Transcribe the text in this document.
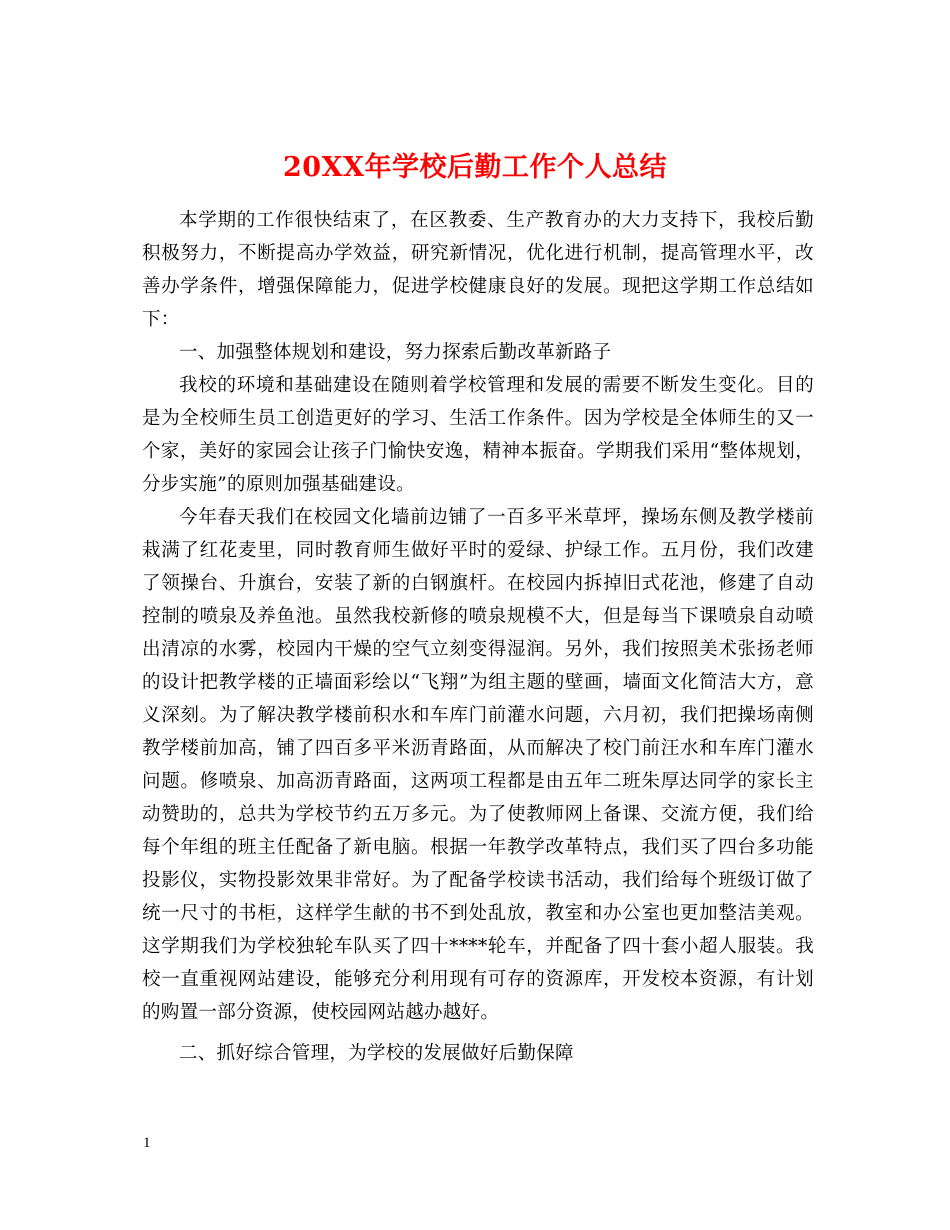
20XX年学校后勤工作个人总结

本学期的工作很快结束了，在区教委、生产教育办的大力支持下，我校后勤积极努力，不断提高办学效益，研究新情况，优化进行机制，提高管理水平，改善办学条件，增强保障能力，促进学校健康良好的发展。现把这学期工作总结如下：

一、加强整体规划和建设，努力探索后勤改革新路子

我校的环境和基础建设在随则着学校管理和发展的需要不断发生变化。目的是为全校师生员工创造更好的学习、生活工作条件。因为学校是全体师生的又一个家，美好的家园会让孩子门愉快安逸，精神本振奋。学期我们采用“整体规划，分步实施”的原则加强基础建设。

今年春天我们在校园文化墙前边铺了一百多平米草坪，操场东侧及教学楼前栽满了红花麦里，同时教育师生做好平时的爱绿、护绿工作。五月份，我们改建了领操台、升旗台，安装了新的白钢旗杆。在校园内拆掉旧式花池，修建了自动控制的喷泉及养鱼池。虽然我校新修的喷泉规模不大，但是每当下课喷泉自动喷出清凉的水雾，校园内干燥的空气立刻变得湿润。另外，我们按照美术张扬老师的设计把教学楼的正墙面彩绘以“飞翔”为组主题的壁画，墙面文化简洁大方，意义深刻。为了解决教学楼前积水和车库门前灌水问题，六月初，我们把操场南侧教学楼前加高，铺了四百多平米沥青路面，从而解决了校门前汪水和车库门灌水问题。修喷泉、加高沥青路面，这两项工程都是由五年二班朱厚达同学的家长主动赞助的，总共为学校节约五万多元。为了使教师网上备课、交流方便，我们给每个年组的班主任配备了新电脑。根据一年教学改革特点，我们买了四台多功能投影仪，实物投影效果非常好。为了配备学校读书活动，我们给每个班级订做了统一尺寸的书柜，这样学生献的书不到处乱放，教室和办公室也更加整洁美观。这学期我们为学校独轮车队买了四十****轮车，并配备了四十套小超人服装。我校一直重视网站建设，能够充分利用现有可存的资源库，开发校本资源，有计划的购置一部分资源，使校园网站越办越好。

二、抓好综合管理，为学校的发展做好后勤保障

1
